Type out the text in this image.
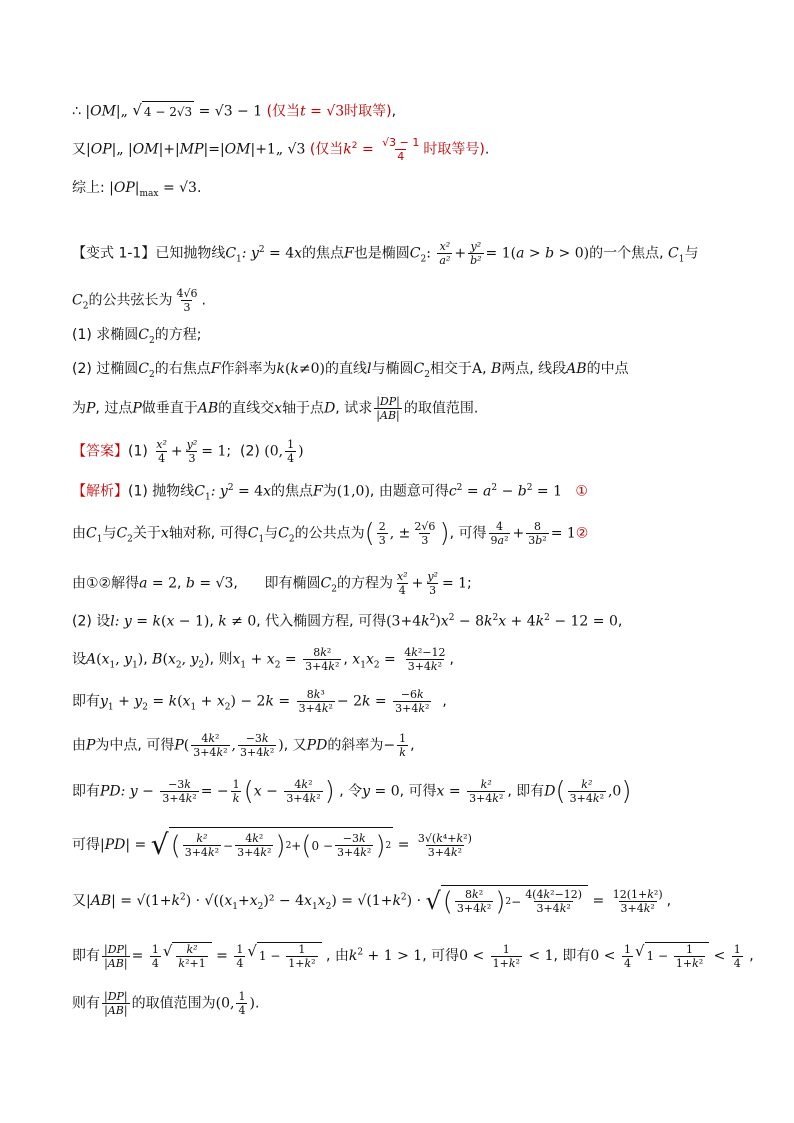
∴ |OM|„ √ 4 − 2√3 = √3 − 1 (仅当t = √3时取等),
又|OP|„ |OM|+|MP|=|OM|+1„ √3 (仅当$k^2 = \frac{√3 - 1}{4}$ 时取等号).
综上: $|OP|_{max} = √3$.
【变式 1-1】已知抛物线$C_1$: $y^2 = 4x$的焦点F也是椭圆$C_2$: $\frac{\text{x²}}{\text{a²}} + \frac{\text{y²}}{\text{b²}} = 1(a > b > 0)$的一个焦点, $C_1$与
$C_2$的公共弦长为 $\frac{4√6}{3}$ .
(1) 求椭圆$C_2$的方程;
(2) 过椭圆$C_2$的右焦点F作斜率为k(k≠0)的直线l与椭圆$C_2$相交于A, B两点, 线段AB的中点
为P, 过点P做垂直于AB的直线交x轴于点D, 试求 $\frac{|DP|}{|AB|}$ 的取值范围.
【答案】$(1) \frac{\text{x²}}{4} + \frac{\text{y²}}{3} = 1$;  (2) (0, $\frac{1}{4}$ )
【解析】(1) 抛物线$C_1$: $y^2 = 4x$的焦点F为(1,0), 由题意可得$c^2 = a^2 - b^2 = 1$ ①
由$C_1$与$C_2$关于x轴对称, 可得$C_1$与$C_2$的公共点为( $\frac{2}{3}$ , ± $\frac{2√6}{3}$ ), 可得 $\frac{4}{\text{9a²}} + \frac{8}{\text{3b²}}$ = 1②
由①②解得a = 2, b = √3,      即有椭圆$C_2$的方程为 $\frac{\text{x²}}{4} + \frac{\text{y²}}{3} = 1$;
(2) 设l: y = k(x − 1), k ≠ 0, 代入椭圆方程, 可得$(3+4k^2)x^2 - 8k^2x + 4k^2 - 12 = 0$,
设$A(x_1$, $y_1$), $B(x_2$, $y_2$), 则$x_1 + x_2 = \frac{\text{8k²}}{\text{3+4k²}}$ , $x_1x_2 = \frac{\text{4k²−12}}{\text{3+4k²}}$ ,
即有$y_1 + y_2 = k(x_1 + x_2) - 2k = \frac{\text{8k³}}{\text{3+4k²}} - 2k = \frac{-6k}{\text{3+4k²}}$ ,
由P为中点, 可得$P( \frac{\text{4k²}}{\text{3+4k²}}$ , $\frac{-3k}{\text{3+4k²}}$ ), 又PD的斜率为− $\frac{1}{k}$ ,
即有PD: $y - \frac{-3k}{\text{3+4k²}}$ = − $\frac{1}{k} (x - \frac{\text{4k²}}{\text{3+4k²}}$ ) , 令y = 0, 可得$x = \frac{\text{k²}}{\text{3+4k²}}$ , 即有$D( \frac{\text{k²}}{\text{3+4k²}} ,0)$
可得|PD| = √ ( $\frac{\text{k²}}{\text{3+4k²}} - \frac{\text{4k²}}{\text{3+4k²}}$ ) 2 + ( $0 - \frac{-3k}{\text{3+4k²}}$ ) $2 = \frac{\text{3√(k⁴+k²)}}{\text{3+4k²}}$
又$|AB| = √(1+k^2) \cdot √((x_1+x_2)^2 - 4x_1x_2) = √(1+k^2)$ · √ ( $\frac{\text{8k²}}{\text{3+4k²}}$ ) $2 - \frac{\text{4(4k²−12)}}{\text{3+4k²}} = \frac{\text{12(1+k²)}}{\text{3+4k²}}$ ,
即有 $\frac{|DP|}{|AB|} = \frac{1}{4}$ √ $\frac{\text{k²}}{\text{k²+1}} = \frac{1}{4}$ √ $1 - \frac{1}{\text{1+k²}}$ , 由$k^2 + 1 > 1$, 可得$0 < \frac{1}{\text{1+k²}} < 1$, 即有$0 < \frac{1}{4}$ √ $1 - \frac{1}{\text{1+k²}} < \frac{1}{4}$ ,
则有 $\frac{|DP|}{|AB|}$ 的取值范围为(0, $\frac{1}{4}$ ).
